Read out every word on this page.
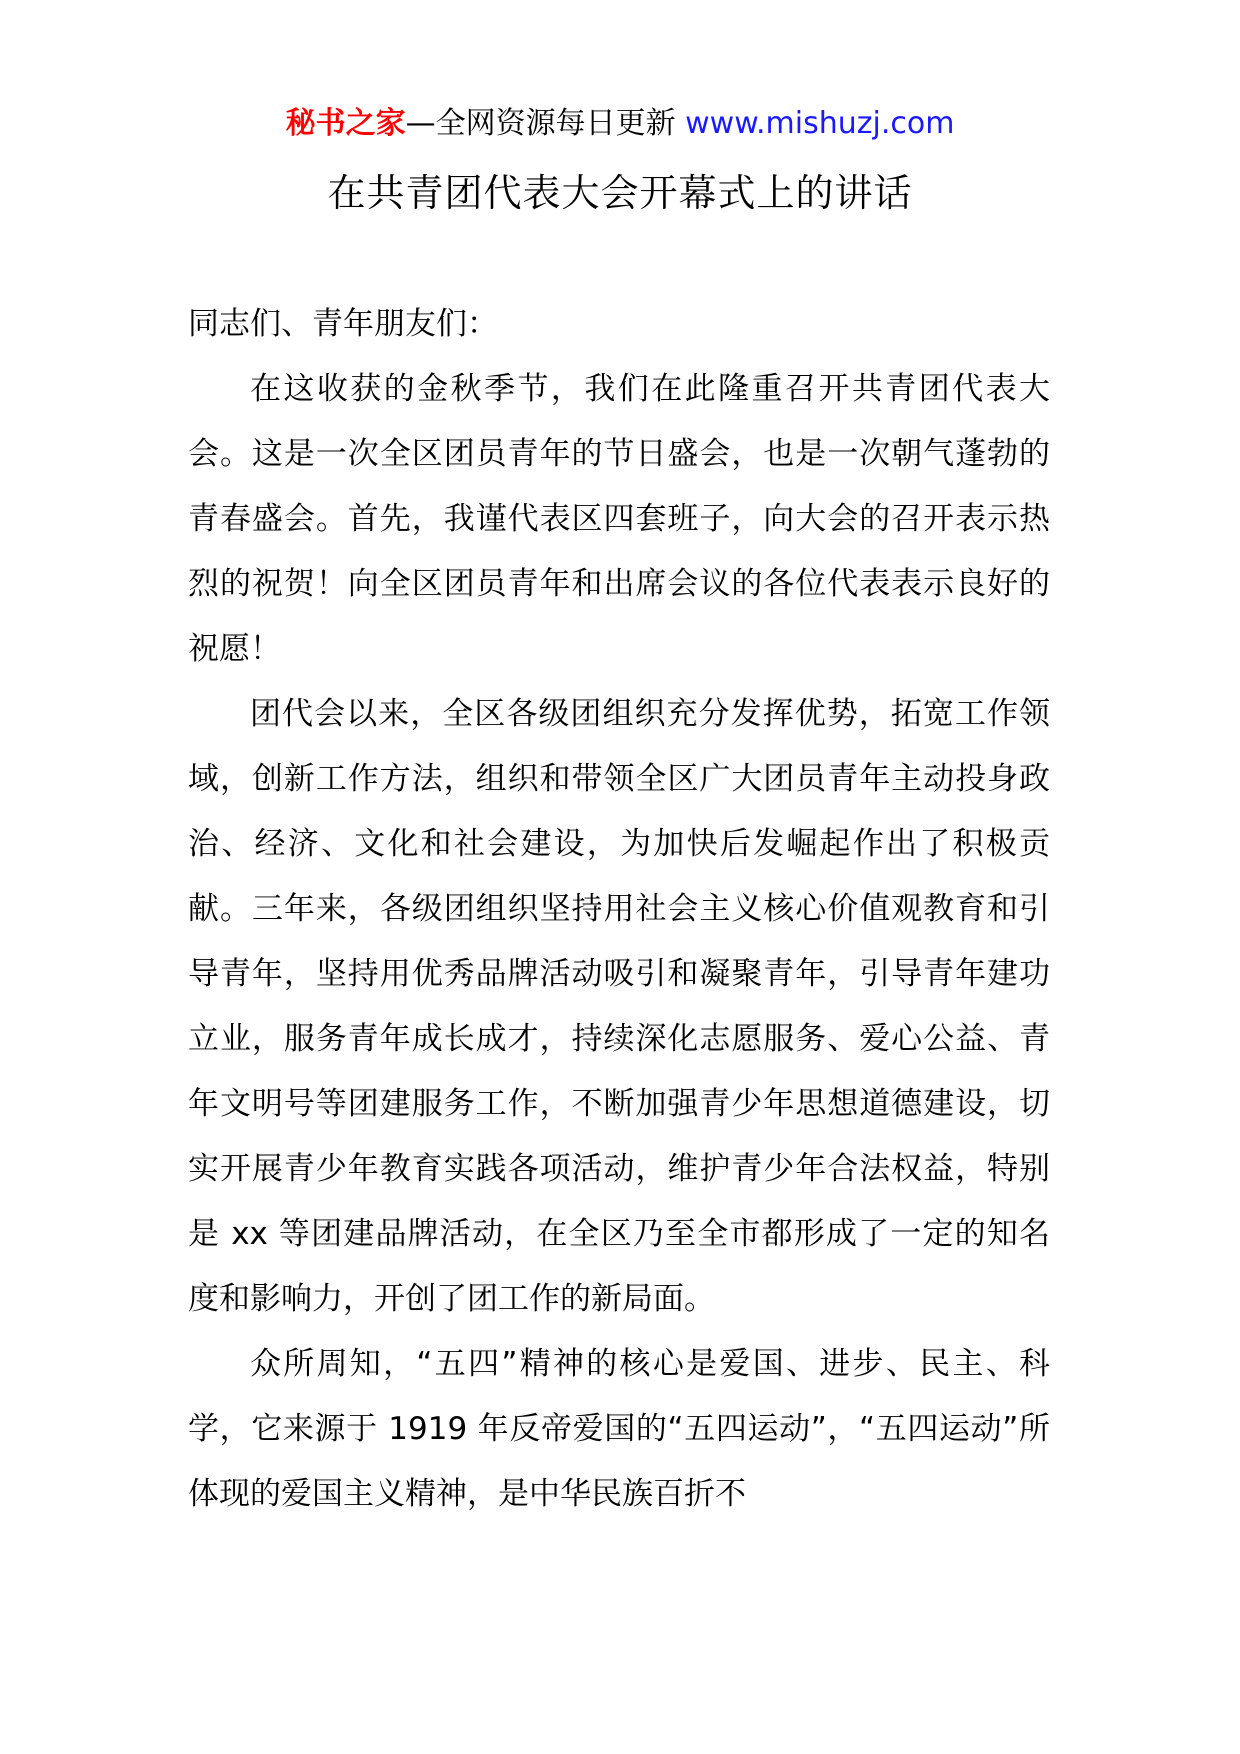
秘书之家—全网资源每日更新 www.mishuzj.com
在共青团代表大会开幕式上的讲话

同志们、青年朋友们：

在这收获的金秋季节，我们在此隆重召开共青团代表大会。这是一次全区团员青年的节日盛会，也是一次朝气蓬勃的青春盛会。首先，我谨代表区四套班子，向大会的召开表示热烈的祝贺！向全区团员青年和出席会议的各位代表表示良好的祝愿！

团代会以来，全区各级团组织充分发挥优势，拓宽工作领域，创新工作方法，组织和带领全区广大团员青年主动投身政治、经济、文化和社会建设，为加快后发崛起作出了积极贡献。三年来，各级团组织坚持用社会主义核心价值观教育和引导青年，坚持用优秀品牌活动吸引和凝聚青年，引导青年建功立业，服务青年成长成才，持续深化志愿服务、爱心公益、青年文明号等团建服务工作，不断加强青少年思想道德建设，切实开展青少年教育实践各项活动，维护青少年合法权益，特别是 xx 等团建品牌活动，在全区乃至全市都形成了一定的知名度和影响力，开创了团工作的新局面。

众所周知，“五四”精神的核心是爱国、进步、民主、科学，它来源于 1919 年反帝爱国的“五四运动”，“五四运动”所体现的爱国主义精神，是中华民族百折不
